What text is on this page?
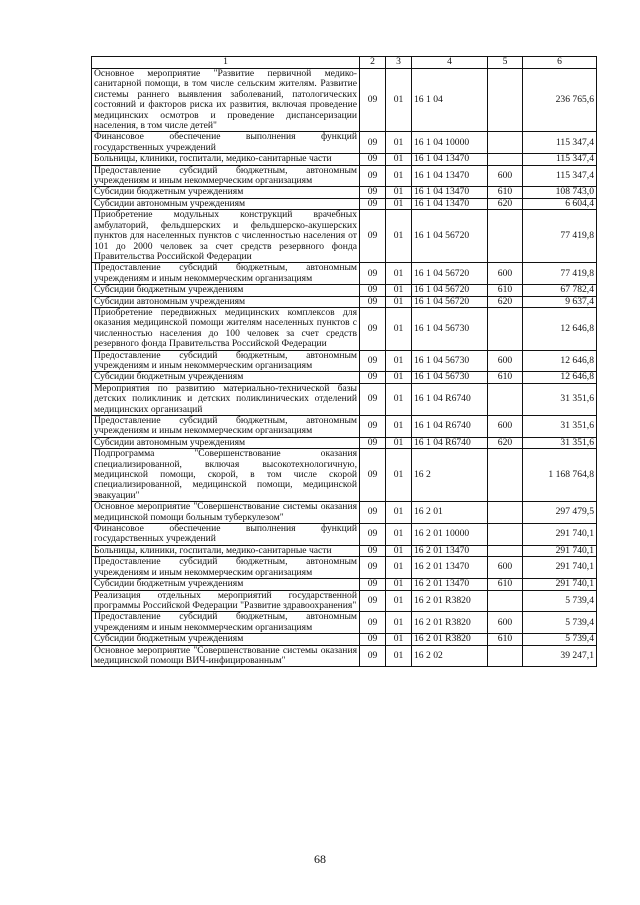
1	2	3	4	5	6
Основное мероприятие "Развитие первичной медико-санитарной помощи, в том числе сельским жителям. Развитие системы раннего выявления заболеваний, патологических состояний и факторов риска их развития, включая проведение медицинских осмотров и проведение диспансеризации населения, в том числе детей"	09	01	16 1 04		236 765,6
Финансовое обеспечение выполнения функций государственных учреждений	09	01	16 1 04 10000		115 347,4
Больницы, клиники, госпитали, медико-санитарные части	09	01	16 1 04 13470		115 347,4
Предоставление субсидий бюджетным, автономным учреждениям и иным некоммерческим организациям	09	01	16 1 04 13470	600	115 347,4
Субсидии бюджетным учреждениям	09	01	16 1 04 13470	610	108 743,0
Субсидии автономным учреждениям	09	01	16 1 04 13470	620	6 604,4
Приобретение модульных конструкций врачебных амбулаторий, фельдшерских и фельдшерско-акушерских пунктов для населенных пунктов с численностью населения от 101 до 2000 человек за счет средств резервного фонда Правительства Российской Федерации	09	01	16 1 04 56720		77 419,8
Предоставление субсидий бюджетным, автономным учреждениям и иным некоммерческим организациям	09	01	16 1 04 56720	600	77 419,8
Субсидии бюджетным учреждениям	09	01	16 1 04 56720	610	67 782,4
Субсидии автономным учреждениям	09	01	16 1 04 56720	620	9 637,4
Приобретение передвижных медицинских комплексов для оказания медицинской помощи жителям населенных пунктов с численностью населения до 100 человек за счет средств резервного фонда Правительства Российской Федерации	09	01	16 1 04 56730		12 646,8
Предоставление субсидий бюджетным, автономным учреждениям и иным некоммерческим организациям	09	01	16 1 04 56730	600	12 646,8
Субсидии бюджетным учреждениям	09	01	16 1 04 56730	610	12 646,8
Мероприятия по развитию материально-технической базы детских поликлиник и детских поликлинических отделений медицинских организаций	09	01	16 1 04 R6740		31 351,6
Предоставление субсидий бюджетным, автономным учреждениям и иным некоммерческим организациям	09	01	16 1 04 R6740	600	31 351,6
Субсидии автономным учреждениям	09	01	16 1 04 R6740	620	31 351,6
Подпрограмма "Совершенствование оказания специализированной, включая высокотехнологичную, медицинской помощи, скорой, в том числе скорой специализированной, медицинской помощи, медицинской эвакуации"	09	01	16 2		1 168 764,8
Основное мероприятие "Совершенствование системы оказания медицинской помощи больным туберкулезом"	09	01	16 2 01		297 479,5
Финансовое обеспечение выполнения функций государственных учреждений	09	01	16 2 01 10000		291 740,1
Больницы, клиники, госпитали, медико-санитарные части	09	01	16 2 01 13470		291 740,1
Предоставление субсидий бюджетным, автономным учреждениям и иным некоммерческим организациям	09	01	16 2 01 13470	600	291 740,1
Субсидии бюджетным учреждениям	09	01	16 2 01 13470	610	291 740,1
Реализация отдельных мероприятий государственной программы Российской Федерации "Развитие здравоохранения"	09	01	16 2 01 R3820		5 739,4
Предоставление субсидий бюджетным, автономным учреждениям и иным некоммерческим организациям	09	01	16 2 01 R3820	600	5 739,4
Субсидии бюджетным учреждениям	09	01	16 2 01 R3820	610	5 739,4
Основное мероприятие "Совершенствование системы оказания медицинской помощи ВИЧ-инфицированным"	09	01	16 2 02		39 247,1
68
